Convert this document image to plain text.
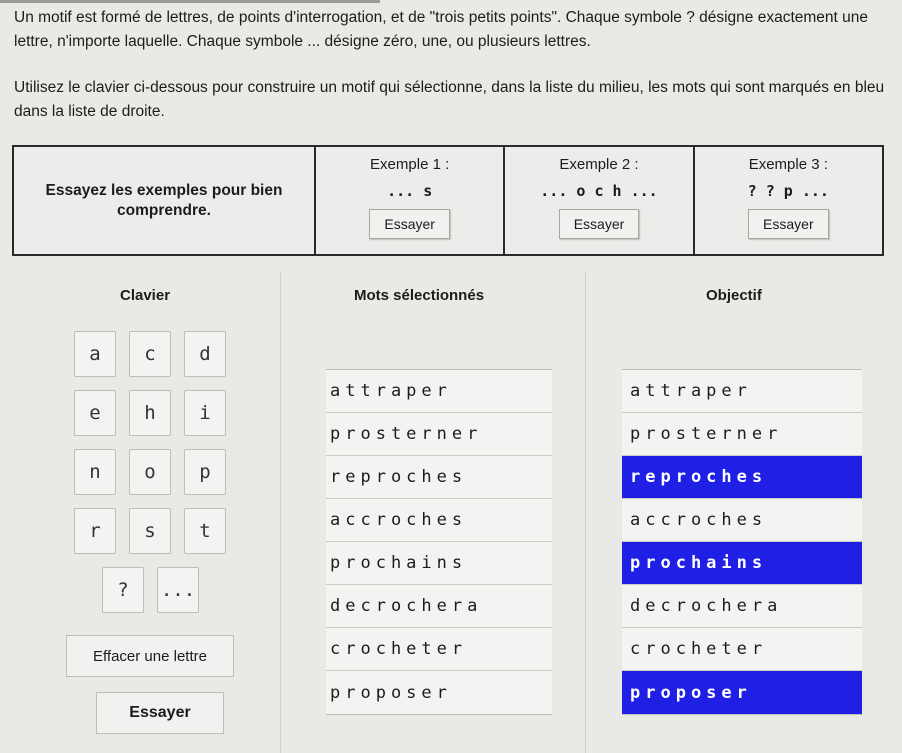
Un motif est formé de lettres, de points d'interrogation, et de "trois petits points". Chaque symbole ? désigne exactement une lettre, n'importe laquelle. Chaque symbole ... désigne zéro, une, ou plusieurs lettres.

Utilisez le clavier ci-dessous pour construire un motif qui sélectionne, dans la liste du milieu, les mots qui sont marqués en bleu dans la liste de droite.

Essayez les exemples pour bien comprendre.
Exemple 1 :
... s
Essayer
Exemple 2 :
... o c h ...
Essayer
Exemple 3 :
? ? p ...
Essayer
Clavier	Mots sélectionnés	Objectif
a	c	d
e	h	i
n	o	p
r	s	t
?	...
Effacer une lettre
Essayer
attraper
prosterner
reproches
accroches
prochains
decrochera
crocheter
proposer
attraper
prosterner
reproches
accroches
prochains
decrochera
crocheter
proposer
